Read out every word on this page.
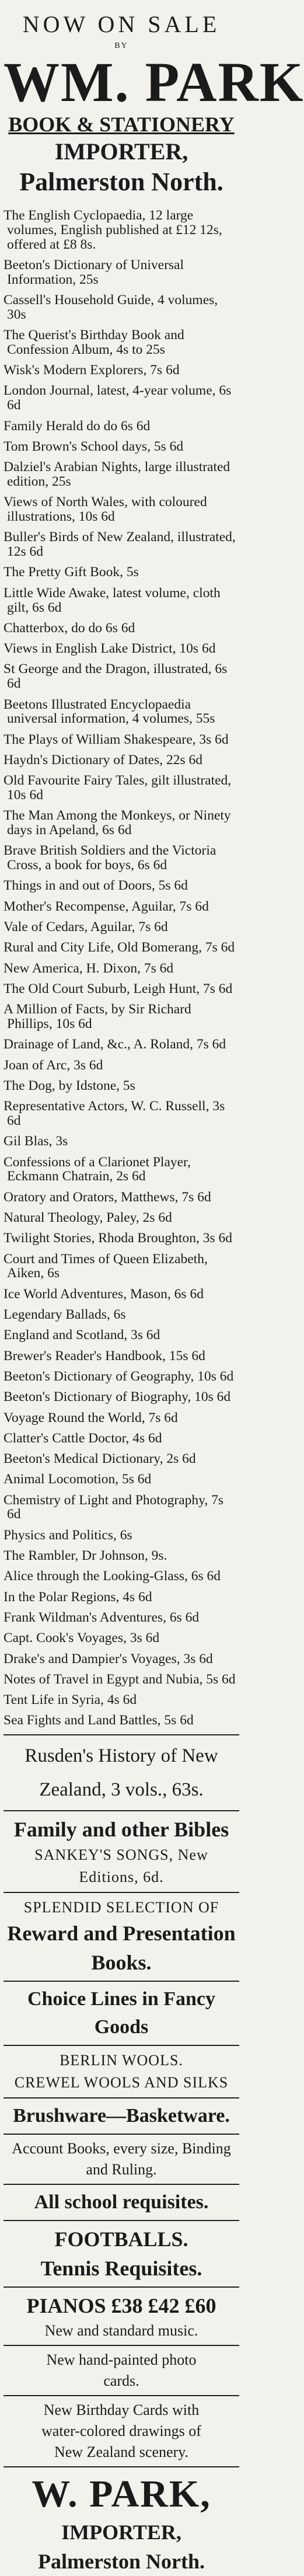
NOW ON SALE
BY
WM. PARK
BOOK & STATIONERY
IMPORTER,
Palmerston North.
The English Cyclopaedia, 12 large volumes, English published at £12 12s, offered at £8 8s.
Beeton's Dictionary of Universal Information, 25s
Cassell's Household Guide, 4 volumes, 30s
The Querist's Birthday Book and Confession Album, 4s to 25s
Wisk's Modern Explorers, 7s 6d
London Journal, latest, 4-year volume, 6s 6d
Family Herald do do 6s 6d
Tom Brown's School days, 5s 6d
Dalziel's Arabian Nights, large illustrated edition, 25s
Views of North Wales, with coloured illustrations, 10s 6d
Buller's Birds of New Zealand, illustrated, 12s 6d
The Pretty Gift Book, 5s
Little Wide Awake, latest volume, cloth gilt, 6s 6d
Chatterbox, do do 6s 6d
Views in English Lake District, 10s 6d
St George and the Dragon, illustrated, 6s 6d
Beetons Illustrated Encyclopaedia universal information, 4 volumes, 55s
The Plays of William Shakespeare, 3s 6d
Haydn's Dictionary of Dates, 22s 6d
Old Favourite Fairy Tales, gilt illustrated, 10s 6d
The Man Among the Monkeys, or Ninety days in Apeland, 6s 6d
Brave British Soldiers and the Victoria Cross, a book for boys, 6s 6d
Things in and out of Doors, 5s 6d
Mother's Recompense, Aguilar, 7s 6d
Vale of Cedars, Aguilar, 7s 6d
Rural and City Life, Old Bomerang, 7s 6d
New America, H. Dixon, 7s 6d
The Old Court Suburb, Leigh Hunt, 7s 6d
A Million of Facts, by Sir Richard Phillips, 10s 6d
Drainage of Land, &c., A. Roland, 7s 6d
Joan of Arc, 3s 6d
The Dog, by Idstone, 5s
Representative Actors, W. C. Russell, 3s 6d
Gil Blas, 3s
Confessions of a Clarionet Player, Eckmann Chatrain, 2s 6d
Oratory and Orators, Matthews, 7s 6d
Natural Theology, Paley, 2s 6d
Twilight Stories, Rhoda Broughton, 3s 6d
Court and Times of Queen Elizabeth, Aiken, 6s
Ice World Adventures, Mason, 6s 6d
Legendary Ballads, 6s
England and Scotland, 3s 6d
Brewer's Reader's Handbook, 15s 6d
Beeton's Dictionary of Geography, 10s 6d
Beeton's Dictionary of Biography, 10s 6d
Voyage Round the World, 7s 6d
Clatter's Cattle Doctor, 4s 6d
Beeton's Medical Dictionary, 2s 6d
Animal Locomotion, 5s 6d
Chemistry of Light and Photography, 7s 6d
Physics and Politics, 6s
The Rambler, Dr Johnson, 9s.
Alice through the Looking-Glass, 6s 6d
In the Polar Regions, 4s 6d
Frank Wildman's Adventures, 6s 6d
Capt. Cook's Voyages, 3s 6d
Drake's and Dampier's Voyages, 3s 6d
Notes of Travel in Egypt and Nubia, 5s 6d
Tent Life in Syria, 4s 6d
Sea Fights and Land Battles, 5s 6d
Rusden's History of New
Zealand, 3 vols., 63s.
Family and other Bibles
SANKEY'S SONGS, New Editions, 6d.
SPLENDID SELECTION OF
Reward and Presentation
Books.
Choice Lines in Fancy Goods
BERLIN WOOLS.
CREWEL WOOLS AND SILKS
Brushware—Basketware.
Account Books, every size, Binding
and Ruling.
All school requisites.
FOOTBALLS.
Tennis Requisites.
PIANOS £38 £42 £60
New and standard music.
New hand-painted photo
cards.
New Birthday Cards with
water-colored drawings of
New Zealand scenery.
W. PARK,
IMPORTER,
Palmerston North.
